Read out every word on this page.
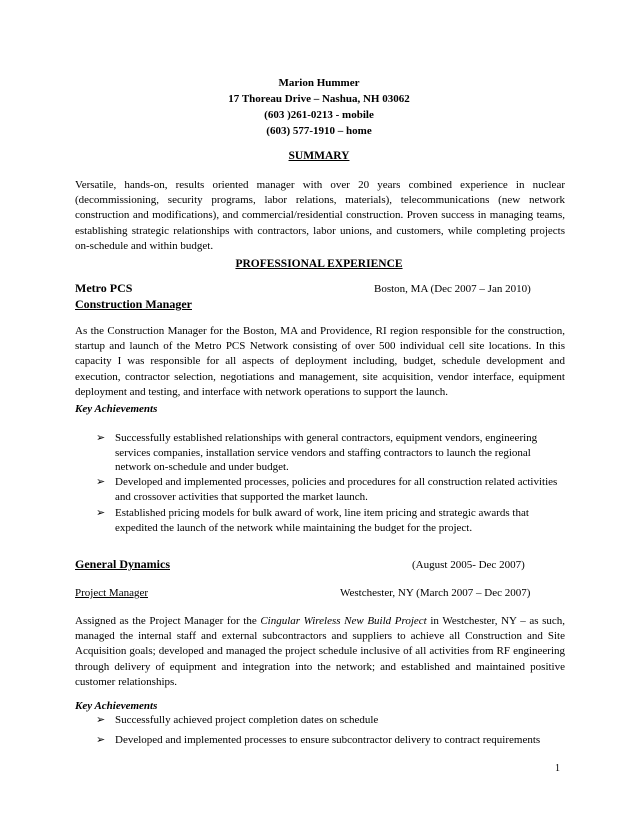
Marion Hummer
17 Thoreau Drive – Nashua, NH 03062
(603 )261-0213 - mobile
(603) 577-1910 – home
SUMMARY
Versatile, hands-on, results oriented manager with over 20 years combined experience in nuclear (decommissioning, security programs, labor relations, materials), telecommunications (new network construction and modifications), and commercial/residential construction. Proven success in managing teams, establishing strategic relationships with contractors, labor unions, and customers, while completing projects on-schedule and within budget.
PROFESSIONAL EXPERIENCE
Metro PCS	Boston, MA (Dec 2007 – Jan 2010)
Construction Manager
As the Construction Manager for the Boston, MA and Providence, RI region responsible for the construction, startup and launch of the Metro PCS Network consisting of over 500 individual cell site locations. In this capacity I was responsible for all aspects of deployment including, budget, schedule development and execution, contractor selection, negotiations and management, site acquisition, vendor interface, equipment deployment and testing, and interface with network operations to support the launch.
Key Achievements
➢ Successfully established relationships with general contractors, equipment vendors, engineering services companies, installation service vendors and staffing contractors to launch the regional network on-schedule and under budget.
➢ Developed and implemented processes, policies and procedures for all construction related activities and crossover activities that supported the market launch.
➢ Established pricing models for bulk award of work, line item pricing and strategic awards that expedited the launch of the network while maintaining the budget for the project.
General Dynamics	(August 2005- Dec 2007)
Project Manager	Westchester, NY (March 2007 – Dec 2007)
Assigned as the Project Manager for the Cingular Wireless New Build Project in Westchester, NY – as such, managed the internal staff and external subcontractors and suppliers to achieve all Construction and Site Acquisition goals; developed and managed the project schedule inclusive of all activities from RF engineering through delivery of equipment and integration into the network; and established and maintained positive customer relationships.
Key Achievements
➢ Successfully achieved project completion dates on schedule
➢ Developed and implemented processes to ensure subcontractor delivery to contract requirements
1
